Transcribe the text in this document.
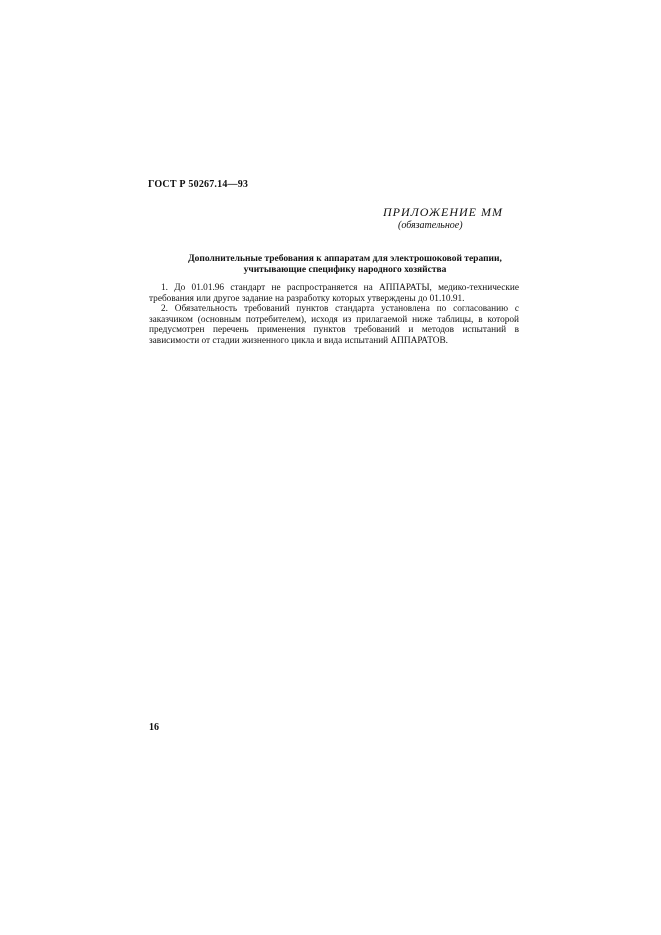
ГОСТ Р 50267.14—93
ПРИЛОЖЕНИЕ ММ
(обязательное)
Дополнительные требования к аппаратам для электрошоковой терапии,
учитывающие специфику народного хозяйства

1. До 01.01.96 стандарт не распространяется на АППАРАТЫ, медико-технические требования или другое задание на разработку которых утверждены до 01.10.91.

2. Обязательность требований пунктов стандарта установлена по согласованию с заказчиком (основным потребителем), исходя из прилагаемой ниже таблицы, в которой предусмотрен перечень применения пунктов требований и методов испытаний в зависимости от стадии жизненного цикла и вида испытаний АППАРАТОВ.

16
